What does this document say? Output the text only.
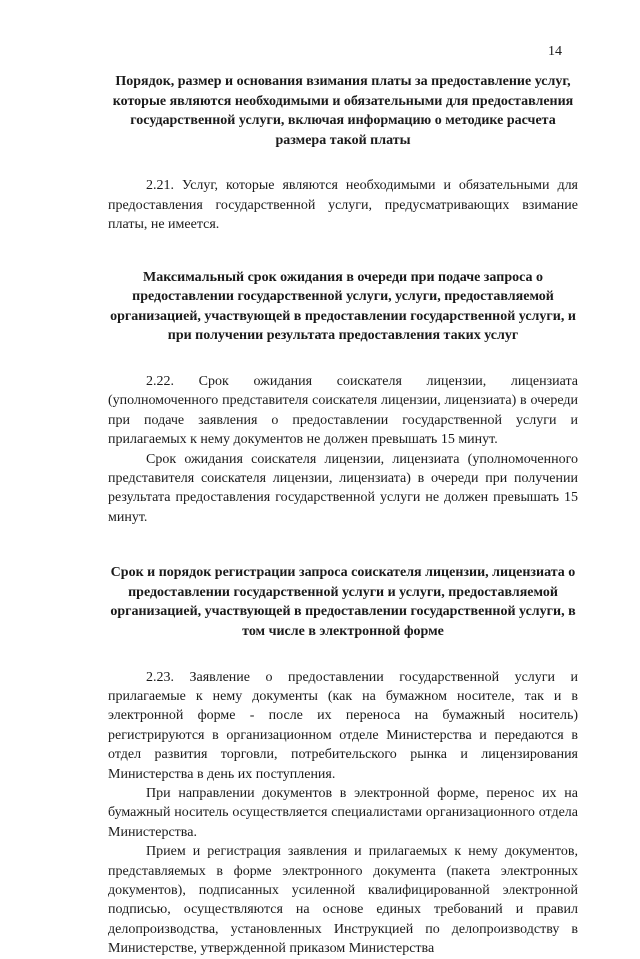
14

Порядок, размер и основания взимания платы за предоставление услуг, которые являются необходимыми и обязательными для предоставления государственной услуги, включая информацию о методике расчета размера такой платы

2.21. Услуг, которые являются необходимыми и обязательными для предоставления государственной услуги, предусматривающих взимание платы, не имеется.

Максимальный срок ожидания в очереди при подаче запроса о предоставлении государственной услуги, услуги, предоставляемой организацией, участвующей в предоставлении государственной услуги, и при получении результата предоставления таких услуг

2.22. Срок ожидания соискателя лицензии, лицензиата (уполномоченного представителя соискателя лицензии, лицензиата) в очереди при подаче заявления о предоставлении государственной услуги и прилагаемых к нему документов не должен превышать 15 минут.

Срок ожидания соискателя лицензии, лицензиата (уполномоченного представителя соискателя лицензии, лицензиата) в очереди при получении результата предоставления государственной услуги не должен превышать 15 минут.

Срок и порядок регистрации запроса соискателя лицензии, лицензиата о предоставлении государственной услуги и услуги, предоставляемой организацией, участвующей в предоставлении государственной услуги, в том числе в электронной форме

2.23. Заявление о предоставлении государственной услуги и прилагаемые к нему документы (как на бумажном носителе, так и в электронной форме - после их переноса на бумажный носитель) регистрируются в организационном отделе Министерства и передаются в отдел развития торговли, потребительского рынка и лицензирования Министерства в день их поступления.

При направлении документов в электронной форме, перенос их на бумажный носитель осуществляется специалистами организационного отдела Министерства.

Прием и регистрация заявления и прилагаемых к нему документов, представляемых в форме электронного документа (пакета электронных документов), подписанных усиленной квалифицированной электронной подписью, осуществляются на основе единых требований и правил делопроизводства, установленных Инструкцией по делопроизводству в Министерстве, утвержденной приказом Министерства
